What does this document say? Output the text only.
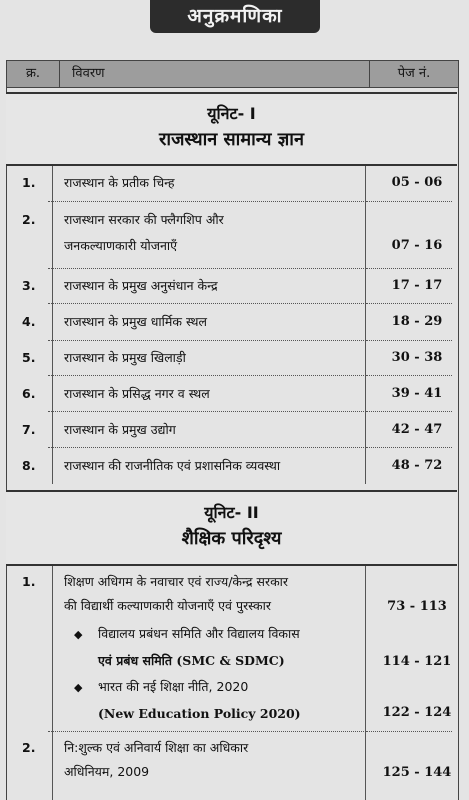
अनुक्रमणिका
क्र.	विवरण	पेज नं.
यूनिट- I
राजस्थान सामान्य ज्ञान
1.	राजस्थान के प्रतीक चिन्ह	05 - 06
2.	राजस्थान सरकार की फ्लैगशिप और
जनकल्याणकारी योजनाएँ	07 - 16
3.	राजस्थान के प्रमुख अनुसंधान केन्द्र	17 - 17
4.	राजस्थान के प्रमुख धार्मिक स्थल	18 - 29
5.	राजस्थान के प्रमुख खिलाड़ी	30 - 38
6.	राजस्थान के प्रसिद्ध नगर व स्थल	39 - 41
7.	राजस्थान के प्रमुख उद्योग	42 - 47
8.	राजस्थान की राजनीतिक एवं प्रशासनिक व्यवस्था	48 - 72
यूनिट- II
शैक्षिक परिदृश्य
1.	शिक्षण अधिगम के नवाचार एवं राज्य/केन्द्र सरकार
की विद्यार्थी कल्याणकारी योजनाएँ एवं पुरस्कार	73 - 113
◆ विद्यालय प्रबंधन समिति और विद्यालय विकास
एवं प्रबंध समिति (SMC & SDMC)	114 - 121
◆ भारत की नई शिक्षा नीति, 2020
(New Education Policy 2020)	122 - 124
2.	नि:शुल्क एवं अनिवार्य शिक्षा का अधिकार
अधिनियम, 2009	125 - 144
